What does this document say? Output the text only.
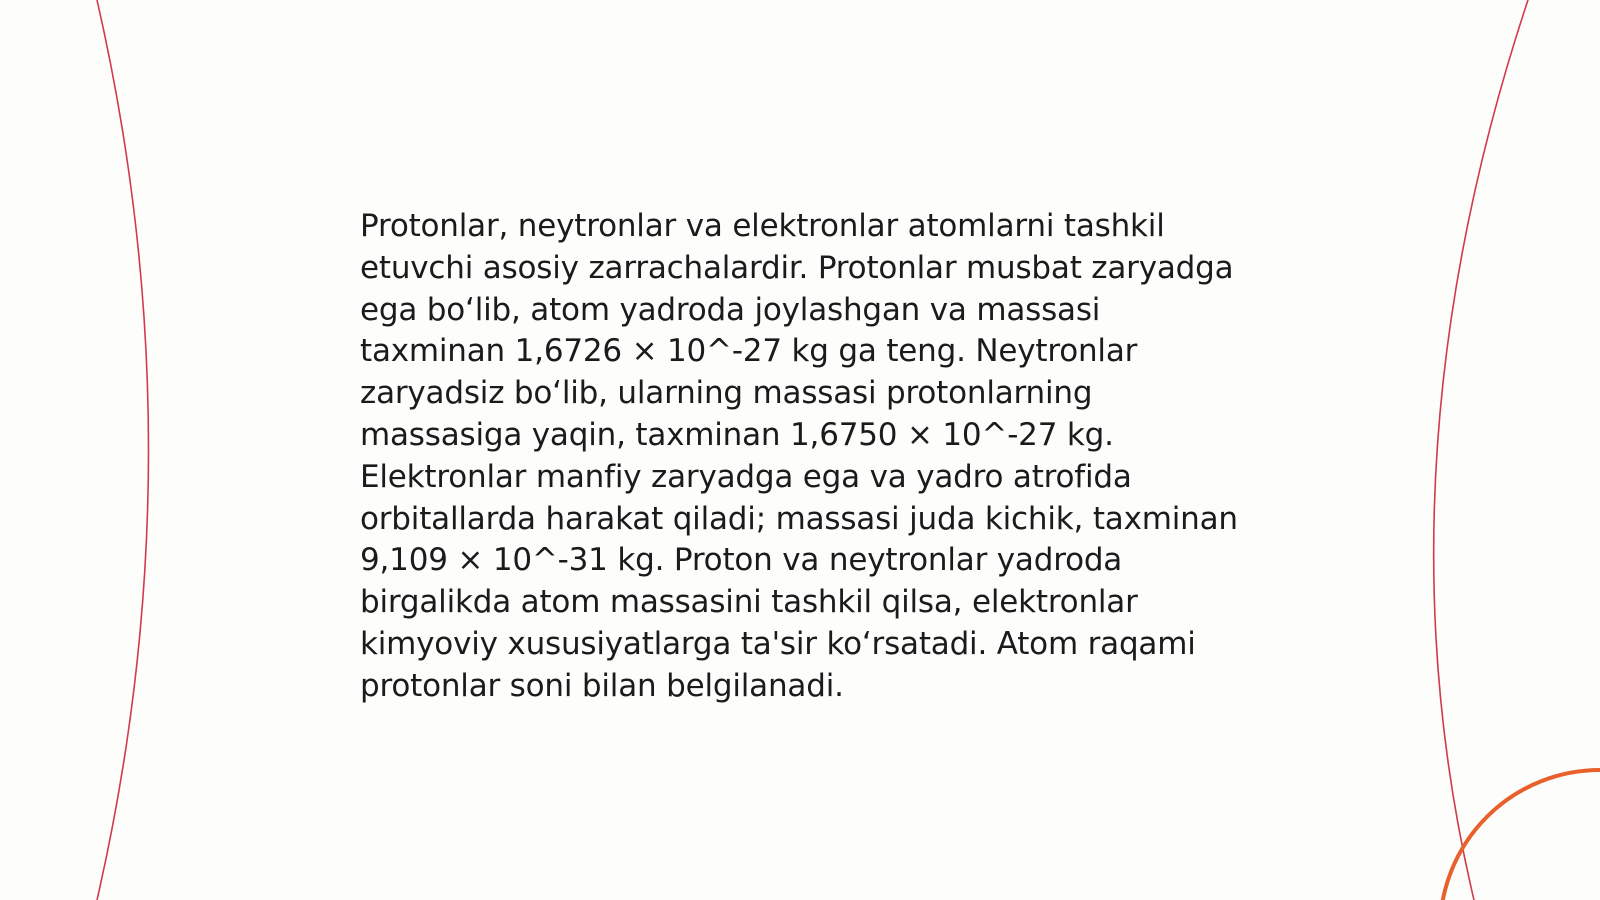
Protonlar, neytronlar va elektronlar atomlarni tashkil etuvchi asosiy zarrachalardir. Protonlar musbat zaryadga ega bo‘lib, atom yadroda joylashgan va massasi taxminan 1,6726 × 10^-27 kg ga teng. Neytronlar zaryadsiz bo‘lib, ularning massasi protonlarning massasiga yaqin, taxminan 1,6750 × 10^-27 kg. Elektronlar manfiy zaryadga ega va yadro atrofida orbitallarda harakat qiladi; massasi juda kichik, taxminan 9,109 × 10^-31 kg. Proton va neytronlar yadroda birgalikda atom massasini tashkil qilsa, elektronlar kimyoviy xususiyatlarga ta'sir ko‘rsatadi. Atom raqami protonlar soni bilan belgilanadi.
